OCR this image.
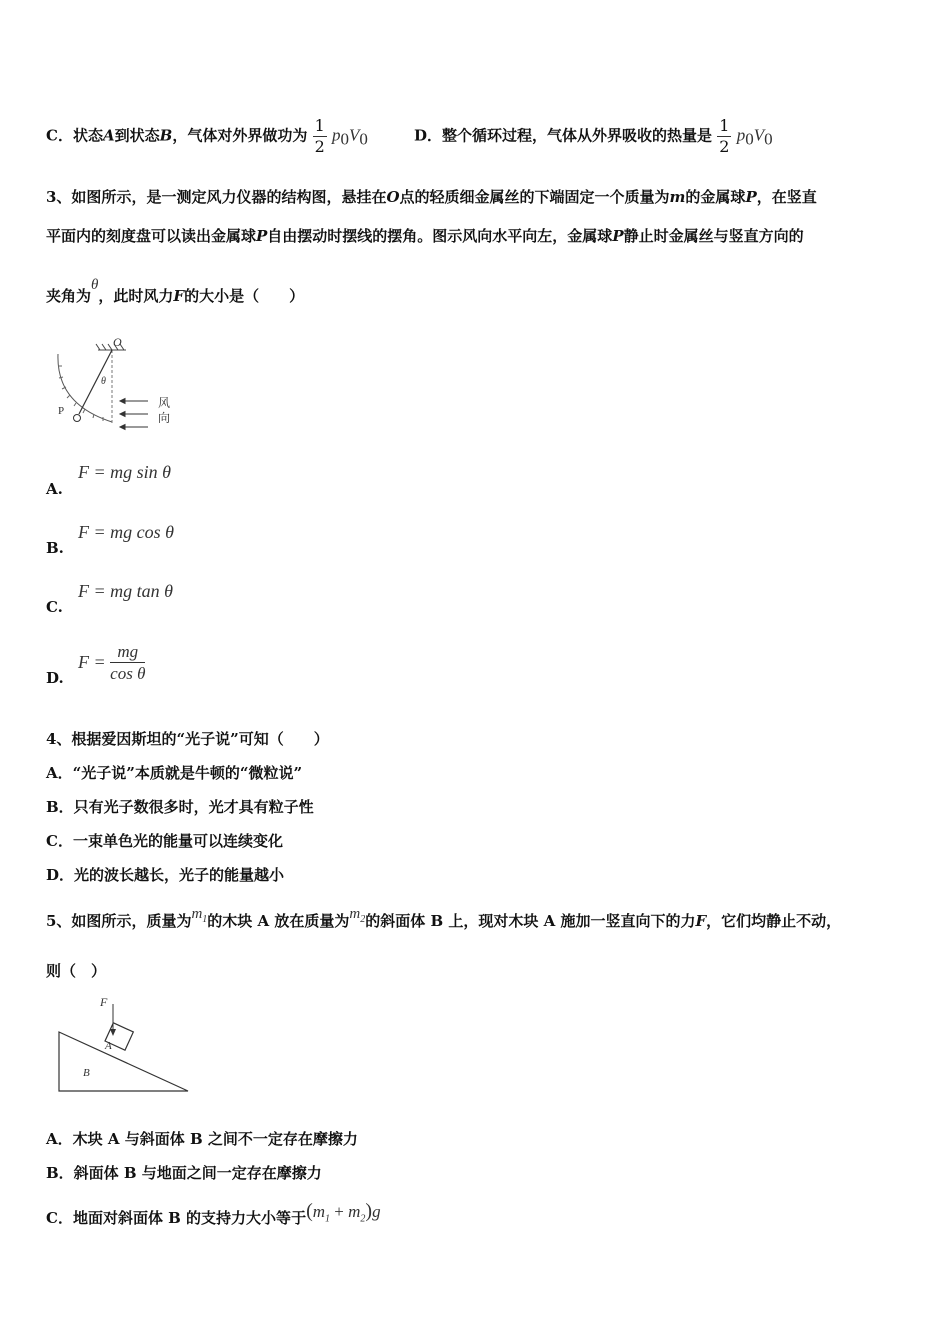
C．状态A到状态B，气体对外界做功为 $\frac{1}{2} p_0V_0$	D．整个循环过程，气体从外界吸收的热量是 $\frac{1}{2} p_0V_0$
3、如图所示，是一测定风力仪器的结构图，悬挂在O点的轻质细金属丝的下端固定一个质量为m的金属球P，在竖直
平面内的刻度盘可以读出金属球P自由摆动时摆线的摆角。图示风向水平向左，金属球P静止时金属丝与竖直方向的
夹角为θ，此时风力F的大小是（　　）
O
P
θ
风
向
A.
F = mg sin θ
B.
F = mg cos θ
C.
F = mg tan θ
D.
$F = \frac{mg}{\text{cos θ}}$
4、根据爱因斯坦的“光子说”可知（　　）
A．“光子说”本质就是牛顿的“微粒说”
B．只有光子数很多时，光才具有粒子性
C．一束单色光的能量可以连续变化
D．光的波长越长，光子的能量越小
5、如图所示，质量为$m_1$的木块 A 放在质量为$m_2$的斜面体 B 上，现对木块 A 施加一竖直向下的力F，它们均静止不动，
则（　）
F
A
B
A．木块 A 与斜面体 B 之间不一定存在摩擦力
B．斜面体 B 与地面之间一定存在摩擦力
C．地面对斜面体 B 的支持力大小等于$(m_1 + m_2)g$
